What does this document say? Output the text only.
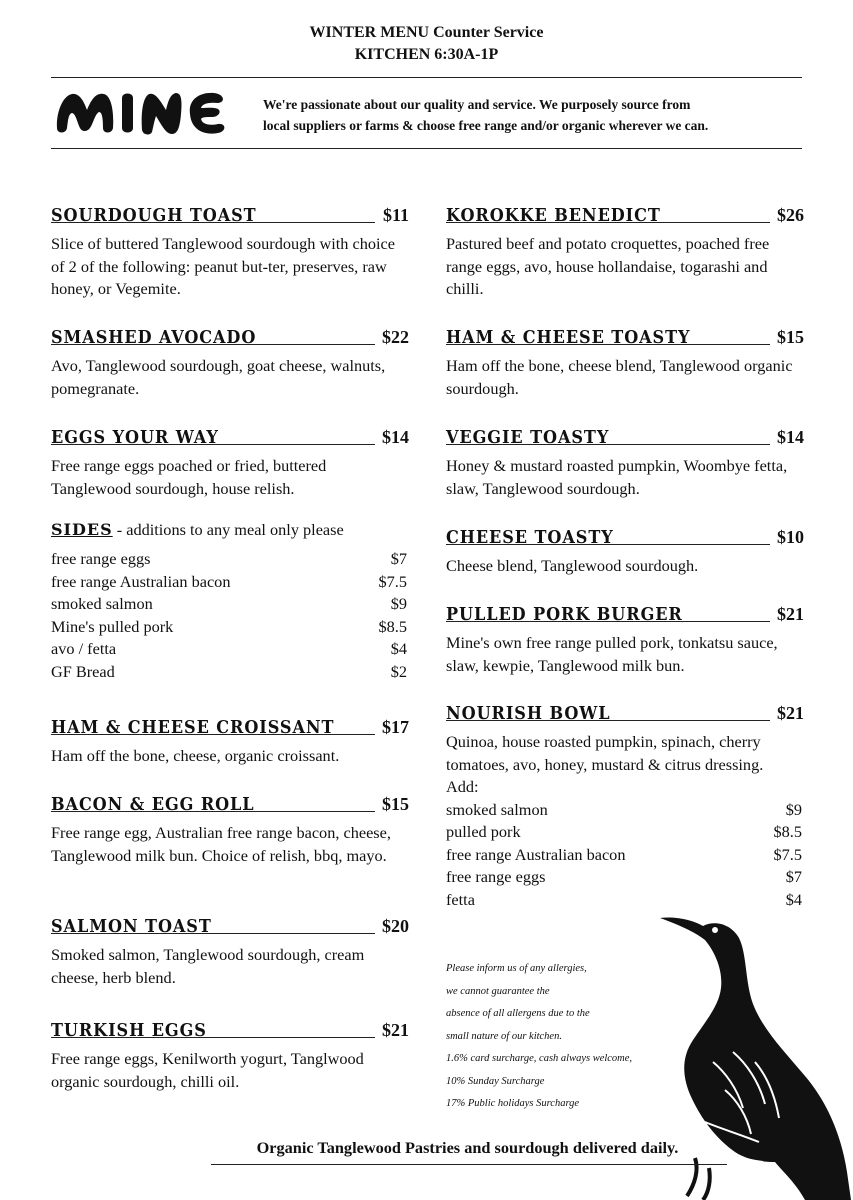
WINTER MENU Counter Service
KITCHEN 6:30A-1P
We're passionate about our quality and service. We purposely source from
local suppliers or farms & choose free range and/or organic wherever we can.
SOURDOUGH TOAST	$11
Slice of buttered Tanglewood sourdough with choice of 2 of the following: peanut but-ter, preserves, raw honey, or Vegemite.
SMASHED AVOCADO	$22
Avo, Tanglewood sourdough, goat cheese, walnuts, pomegranate.
EGGS YOUR WAY	$14
Free range eggs poached or fried, buttered Tanglewood sourdough, house relish.
SIDES - additions to any meal only please
free range eggs	$7
free range Australian bacon	$7.5
smoked salmon	$9
Mine's pulled pork	$8.5
avo / fetta	$4
GF Bread	$2
HAM & CHEESE CROISSANT	$17
Ham off the bone, cheese, organic croissant.
BACON & EGG ROLL	$15
Free range egg, Australian free range bacon, cheese, Tanglewood milk bun. Choice of relish, bbq, mayo.
SALMON TOAST	$20
Smoked salmon, Tanglewood sourdough, cream cheese, herb blend.
TURKISH EGGS	$21
Free range eggs, Kenilworth yogurt, Tanglwood organic sourdough, chilli oil.
KOROKKE BENEDICT	$26
Pastured beef and potato croquettes, poached free range eggs, avo, house hollandaise, togarashi and chilli.
HAM & CHEESE TOASTY	$15
Ham off the bone, cheese blend, Tanglewood organic sourdough.
VEGGIE TOASTY	$14
Honey & mustard roasted pumpkin, Woombye fetta, slaw, Tanglewood sourdough.
CHEESE TOASTY	$10
Cheese blend, Tanglewood sourdough.
PULLED PORK BURGER	$21
Mine's own free range pulled pork, tonkatsu sauce, slaw, kewpie, Tanglewood milk bun.
NOURISH BOWL	$21
Quinoa, house roasted pumpkin, spinach, cherry tomatoes, avo, honey, mustard & citrus dressing.
Add:
smoked salmon	$9
pulled pork	$8.5
free range Australian bacon	$7.5
free range eggs	$7
fetta	$4
Please inform us of any allergies,
we cannot guarantee the
absence of all allergens due to the
small nature of our kitchen.
1.6% card surcharge, cash always welcome,
10% Sunday Surcharge
17% Public holidays Surcharge
Organic Tanglewood Pastries and sourdough delivered daily.
